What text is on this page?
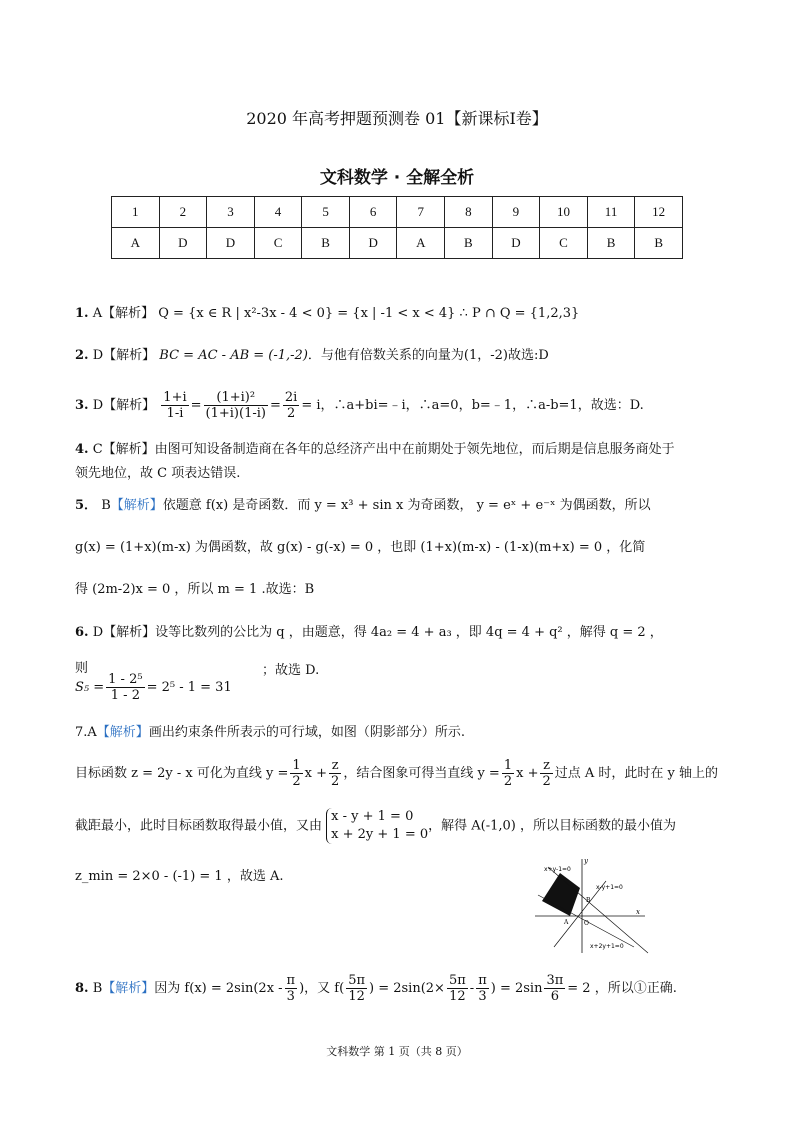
2020 年高考押题预测卷 01【新课标Ⅰ卷】
文科数学 · 全解全析
1	2	3	4	5	6	7	8	9	10	11	12
A	D	D	C	B	D	A	B	D	C	B	B
1. A【解析】 Q = {x ∈ R | x²-3x - 4 < 0} = {x | -1 < x < 4} ∴ P ∩ Q = {1,2,3}
2. D【解析】 BC = AC - AB = (-1,-2)．与他有倍数关系的向量为(1，-2)故选:D
3. D【解析】 $\frac{1+i}{1-i} = \frac{\text{(1+i)²}}{(1+i)(1-i)} = \frac{2i}{2} = i$，∴a+bi=﹣i，∴a=0，b=﹣1，∴a-b=1，故选：D.
4. C【解析】由图可知设备制造商在各年的总经济产出中在前期处于领先地位，而后期是信息服务商处于
领先地位，故 C 项表达错误.
5． B【解析】依题意 f(x) 是奇函数．而 y = x³ + sin x 为奇函数， y = eˣ + e⁻ˣ 为偶函数，所以
g(x) = (1+x)(m-x) 为偶函数，故 g(x) - g(-x) = 0 ，也即 (1+x)(m-x) - (1-x)(m+x) = 0 ，化简
得 (2m-2)x = 0 ，所以 m = 1 .故选：B
6. D【解析】设等比数列的公比为 q ，由题意，得 4a₂ = 4 + a₃ ，即 4q = 4 + q² ，解得 q = 2 ，
则
$S_5 = \frac{\text{1 - 2⁵}}{1 - 2} = 2^5 - 1 = 31$
；故选 D.
7.A【解析】画出约束条件所表示的可行域，如图（阴影部分）所示.
目标函数 z = 2y - x 可化为直线 $y = \frac{1}{2}$ $x + \frac{z}{2}$ ，结合图象可得当直线 $y = \frac{1}{2}$ $x + \frac{z}{2}$ 过点 A 时，此时在 y 轴上的
截距最小，此时目标函数取得最小值，又由 x - y + 1 = 0
x + 2y + 1 = 0，解得 A(-1,0) ，所以目标函数的最小值为
z_min = 2×0 - (-1) = 1 ，故选 A.	x+y-1=0
x-y+1=0
x+2y+1=0
y
x
O
A
B
8. B【解析】因为 $f(x) = 2\sin(2x - \frac{\pi}{3}$ )，又 $f( \frac{5\pi}{12}$ ) = $2\sin(2\times \frac{5\pi}{12} - \frac{\pi}{3}$ ) = $2\sin \frac{3\pi}{6} = 2$ ，所以①正确.
文科数学 第 1 页（共 8 页）
